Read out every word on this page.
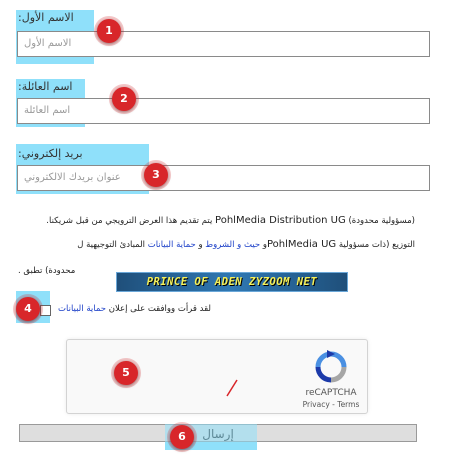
الاسم الأول:
الاسم الأول
اسم العائلة:
اسم العائلة
بريد إلكتروني:
عنوان بريدك الالكتروني
(مسؤولية محدودة) PohlMedia Distribution UG يتم تقديم هذا العرض الترويجي من قبل شريكنا.
التوزيع (ذات مسؤولية PohlMedia UGو حيث و الشروط و حماية البيانات المبادئ التوجيهية ل
محدودة) تطبق .
PRINCE OF ADEN ZYZOOM NET
لقد قرأت ووافقت على إعلان حماية البيانات
reCAPTCHA
Privacy - Terms
1
2
3
4
5
6
